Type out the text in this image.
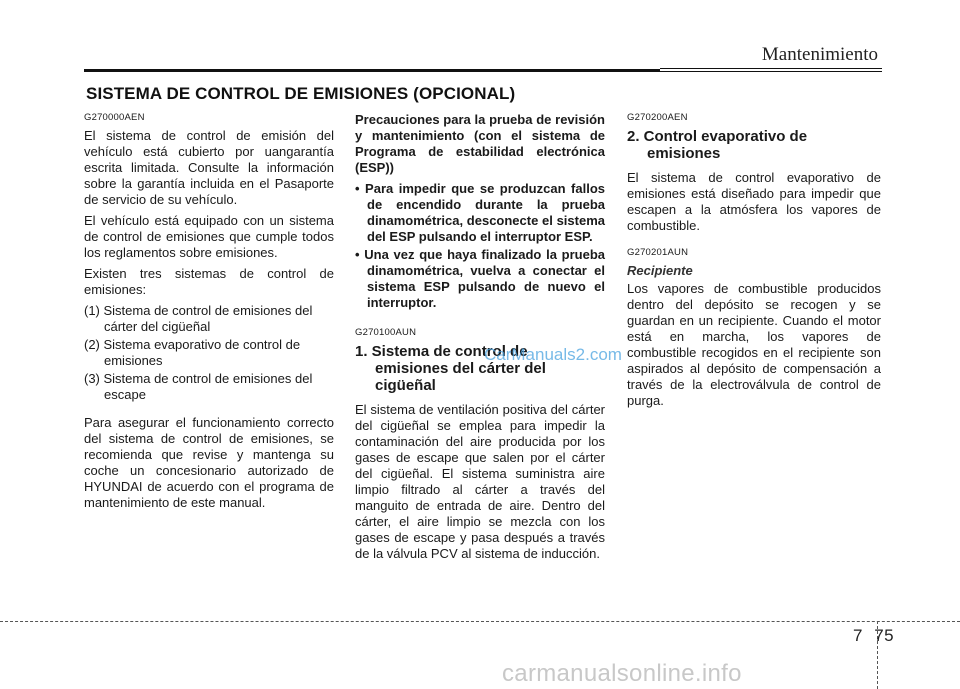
Mantenimiento
SISTEMA DE CONTROL DE EMISIONES (OPCIONAL)
G270000AEN
El sistema de control de emisión del vehículo está cubierto por uangarantía escrita limitada. Consulte la información sobre la garantía incluida en el Pasaporte de servicio de su vehículo.
El vehículo está equipado con un sistema de control de emisiones que cumple todos los reglamentos sobre emisiones.
Existen tres sistemas de control de emisiones:
(1) Sistema de control de emisiones del cárter del cigüeñal
(2) Sistema evaporativo de control de emisiones
(3) Sistema de control de emisiones del escape
Para asegurar el funcionamiento correcto del sistema de control de emisiones, se recomienda que revise y mantenga su coche un concesionario autorizado de HYUNDAI de acuerdo con el programa de mantenimiento de este manual.
Precauciones para la prueba de revisión y mantenimiento (con el sistema de Programa de estabilidad electrónica (ESP))
• Para impedir que se produzcan fallos de encendido durante la prueba dinamométrica, desconecte el sistema del ESP pulsando el interruptor ESP.
• Una vez que haya finalizado la prueba dinamométrica, vuelva a conectar el sistema ESP pulsando de nuevo el interruptor.
G270100AUN
1. Sistema de control de
emisiones del cárter del cigüeñal
El sistema de ventilación positiva del cárter del cigüeñal se emplea para impedir la contaminación del aire producida por los gases de escape que salen por el cárter del cigüeñal. El sistema suministra aire limpio filtrado al cárter a través del manguito de entrada de aire. Dentro del cárter, el aire limpio se mezcla con los gases de escape y pasa después a través de la válvula PCV al sistema de inducción.
G270200AEN
2. Control evaporativo de
emisiones
El sistema de control evaporativo de emisiones está diseñado para impedir que escapen a la atmósfera los vapores de combustible.
G270201AUN
Recipiente
Los vapores de combustible producidos dentro del depósito se recogen y se guardan en un recipiente. Cuando el motor está en marcha, los vapores de combustible recogidos en el recipiente son aspirados al depósito de compensación a través de la electroválvula de control de purga.
CarManuals2.com
7 75
carmanualsonline.info
